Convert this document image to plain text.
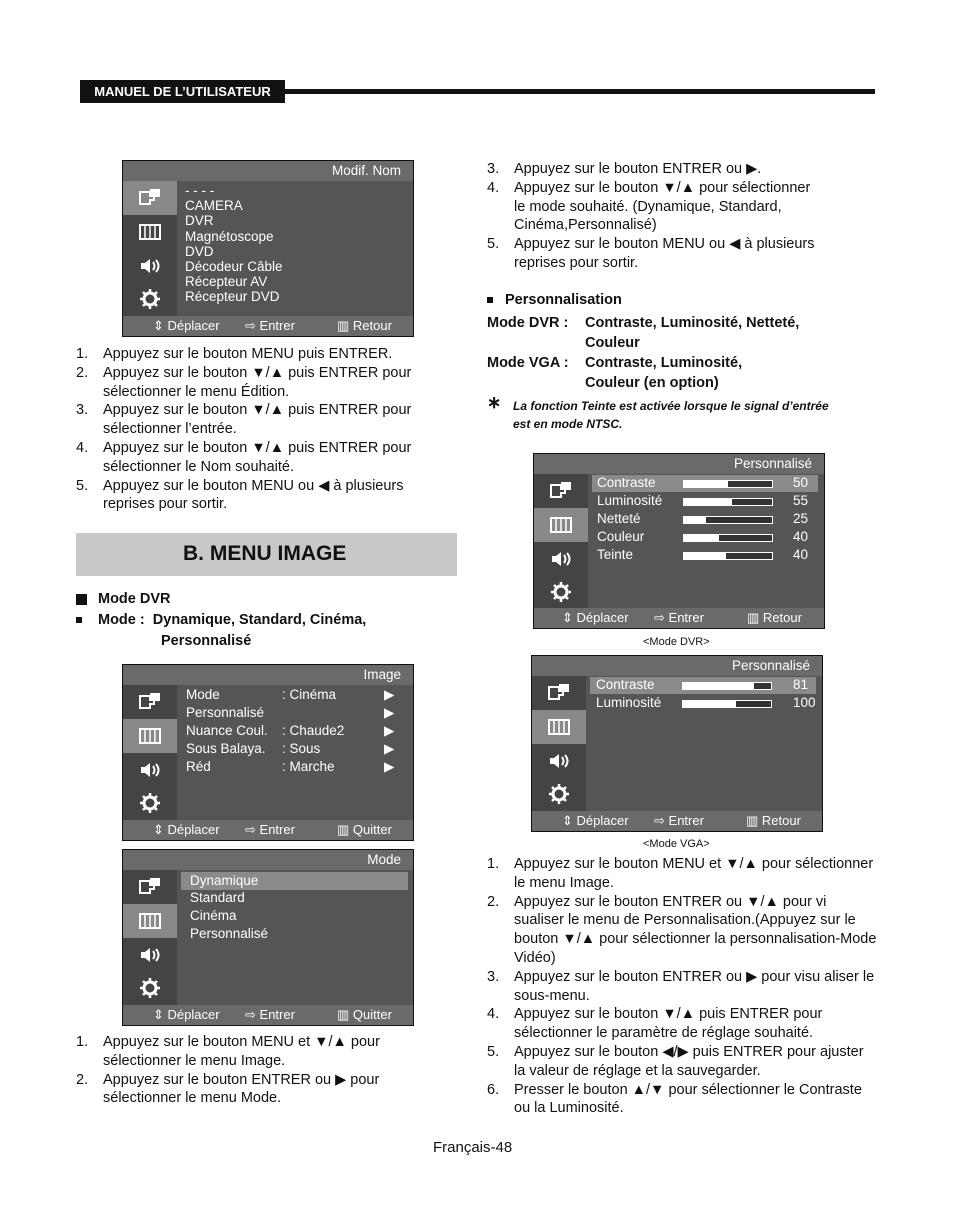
MANUEL DE L’UTILISATEUR
Modif. Nom
- - - -
CAMERA
DVR
Magnétoscope
DVD
Décodeur Câble
Récepteur AV
Récepteur DVD
⇕ Déplacer ⇨ Entrer	▥ Retour
1. Appuyez sur le bouton MENU puis ENTRER.
2. Appuyez sur le bouton ▼/▲ puis ENTRER pour sélectionner le menu Édition.
3. Appuyez sur le bouton ▼/▲ puis ENTRER pour sélectionner l’entrée.
4. Appuyez sur le bouton ▼/▲ puis ENTRER pour sélectionner le Nom souhaité.
5. Appuyez sur le bouton MENU ou ◀ à plusieurs reprises pour sortir.
B. MENU IMAGE
Mode DVR
Mode : Dynamique, Standard, Cinéma,
Personnalisé
Image
Mode	: Cinéma	▶
Personnalisé	▶
Nuance Coul. : Chaude2	▶
Sous Balaya. : Sous	▶
Réd	: Marche	▶
⇕ Déplacer ⇨ Entrer	▥ Quitter
Mode
Dynamique
Standard
Cinéma
Personnalisé
⇕ Déplacer ⇨ Entrer	▥ Quitter
1. Appuyez sur le bouton MENU et ▼/▲ pour sélectionner le menu Image.
2. Appuyez sur le bouton ENTRER ou ▶ pour sélectionner le menu Mode.
3. Appuyez sur le bouton ENTRER ou ▶.
4. Appuyez sur le bouton ▼/▲ pour sélectionner le mode souhaité. (Dynamique, Standard, Cinéma,Personnalisé)
5. Appuyez sur le bouton MENU ou ◀ à plusieurs reprises pour sortir.
Personnalisation
Mode DVR : Contraste, Luminosité, Netteté,

Couleur
Mode VGA : Contraste, Luminosité,

Couleur (en option)
∗ La fonction Teinte est activée lorsque le signal d’entrée
est en mode NTSC.
Personnalisé
Contraste	50
Luminosité	55
Netteté	25
Couleur	40
Teinte	40
⇕ Déplacer ⇨ Entrer	▥ Retour
<Mode DVR>
Personnalisé
Contraste	81
Luminosité	100
⇕ Déplacer ⇨ Entrer	▥ Retour
<Mode VGA>
1. Appuyez sur le bouton MENU et ▼/▲ pour sélectionner le menu Image.
2. Appuyez sur le bouton ENTRER ou ▼/▲ pour vi sualiser le menu de Personnalisation.(Appuyez sur le bouton ▼/▲ pour sélectionner la personnalisation-Mode Vidéo)
3. Appuyez sur le bouton ENTRER ou ▶ pour visu aliser le sous-menu.
4. Appuyez sur le bouton ▼/▲ puis ENTRER pour sélectionner le paramètre de réglage souhaité.
5. Appuyez sur le bouton ◀/▶ puis ENTRER pour ajuster la valeur de réglage et la sauvegarder.
6. Presser le bouton ▲/▼ pour sélectionner le Contraste ou la Luminosité.
Français-48
